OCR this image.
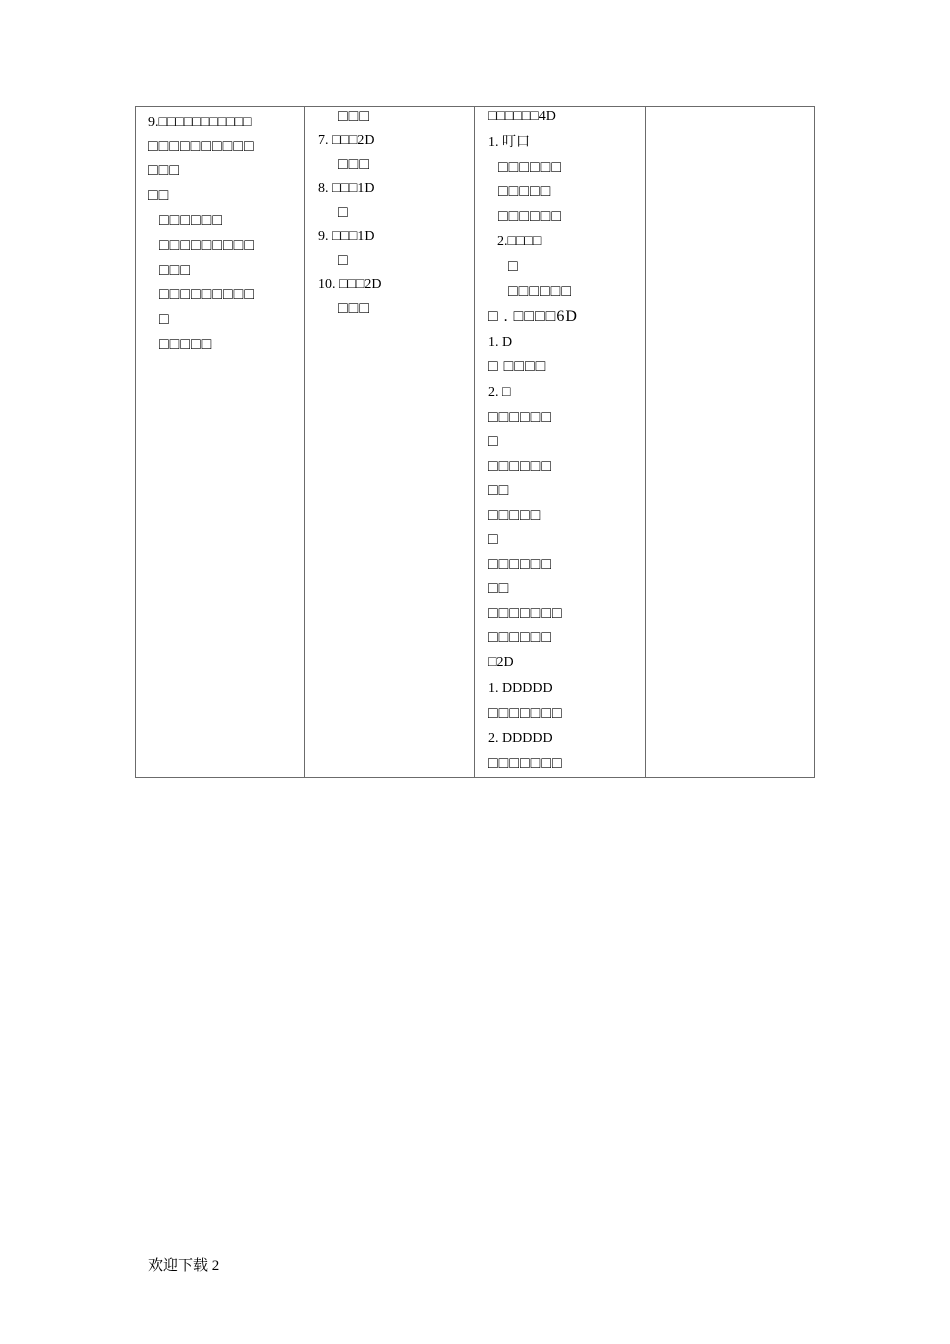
9.□□□□□□□□□□□
□□□□□□□□□□
□□□
□□
□□□□□□
□□□□□□□□□
□□□
□□□□□□□□□
□
□□□□□
□□□
7. □□□2D
□□□
8. □□□1D
□
9. □□□1D
□
10. □□□2D
□□□
□□□□□□4D
1. 叮口
□□□□□□
□□□□□
□□□□□□
2.□□□□
□
□□□□□□
□ . □□□□6D
1. D
□ □□□□
2. □
□□□□□□
□
□□□□□□
□□
□□□□□
□
□□□□□□
□□
□□□□□□□
□□□□□□
□2D
1. DDDDD
□□□□□□□
2. DDDDD
□□□□□□□
欢迎下载 2
